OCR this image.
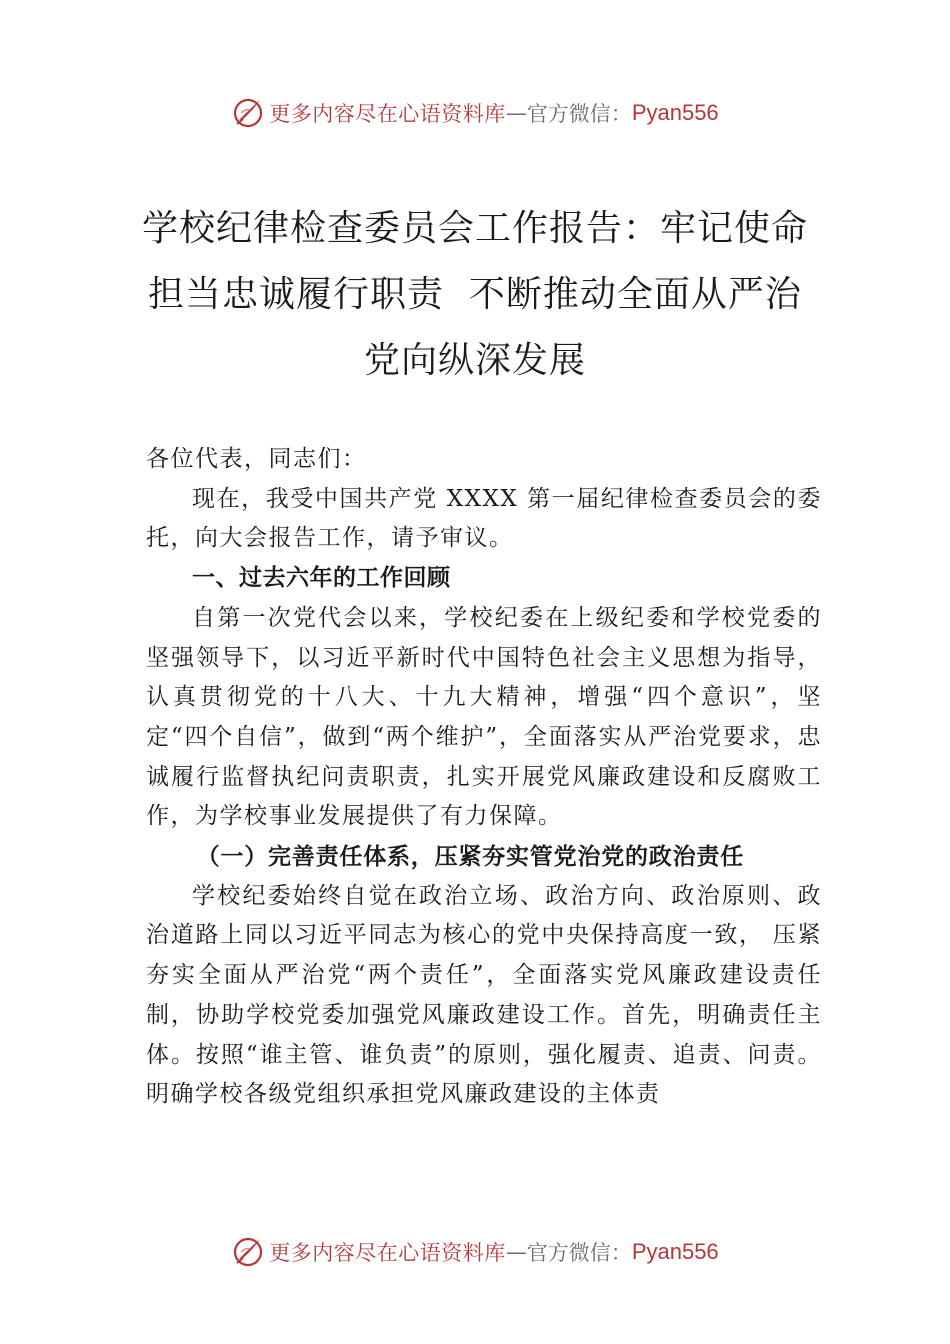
更多内容尽在心语资料库 — 官方微信： Pyan556
学校纪律检查委员会工作报告：牢记使命
担当忠诚履行职责  不断推动全面从严治
党向纵深发展

各位代表，同志们：

现在，我受中国共产党 XXXX 第一届纪律检查委员会的委托，向大会报告工作，请予审议。

一、过去六年的工作回顾

自第一次党代会以来，学校纪委在上级纪委和学校党委的坚强领导下，以习近平新时代中国特色社会主义思想为指导，认真贯彻党的十八大、十九大精神，增强“四个意识”，坚定“四个自信”，做到“两个维护”，全面落实从严治党要求，忠诚履行监督执纪问责职责，扎实开展党风廉政建设和反腐败工作，为学校事业发展提供了有力保障。

（一）完善责任体系，压紧夯实管党治党的政治责任

学校纪委始终自觉在政治立场、政治方向、政治原则、政治道路上同以习近平同志为核心的党中央保持高度一致， 压紧夯实全面从严治党“两个责任”，全面落实党风廉政建设责任制，协助学校党委加强党风廉政建设工作。首先，明确责任主体。按照“谁主管、谁负责”的原则，强化履责、追责、问责。明确学校各级党组织承担党风廉政建设的主体责

更多内容尽在心语资料库 — 官方微信： Pyan556
